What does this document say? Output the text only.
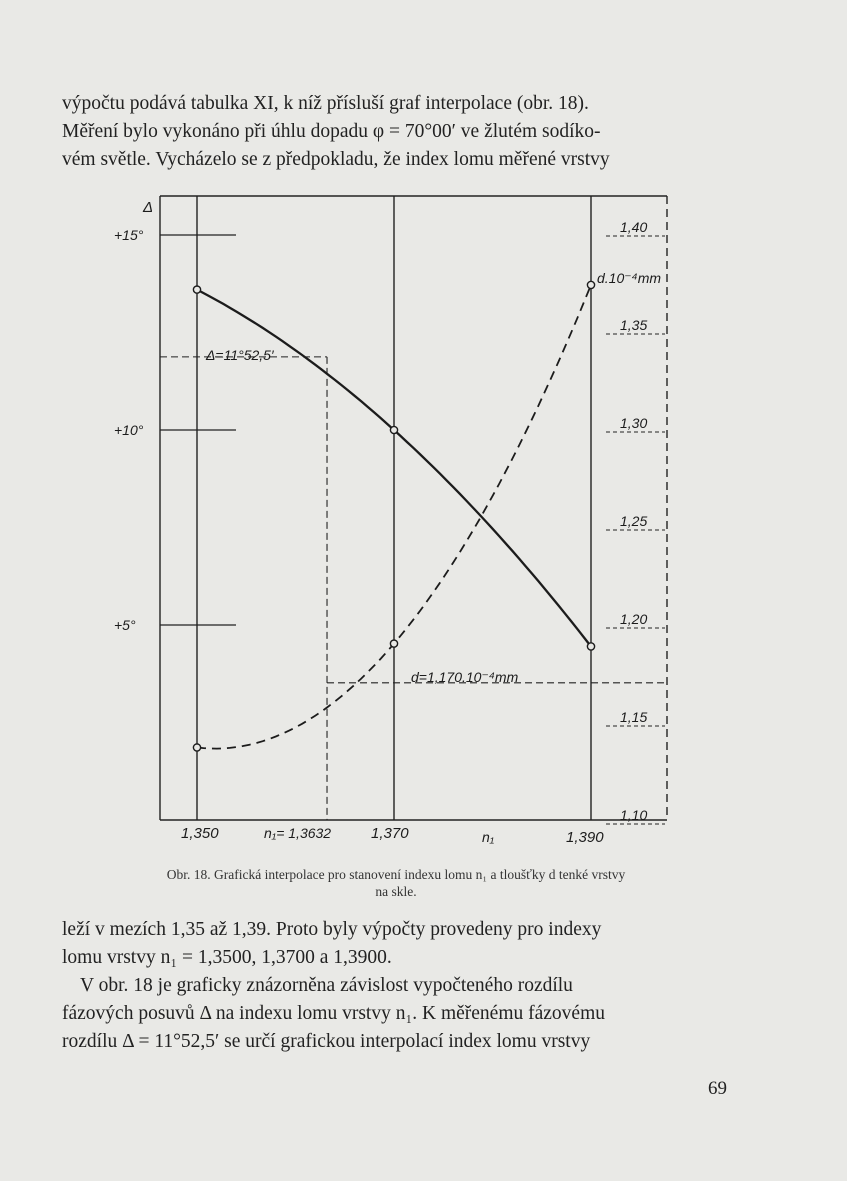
výpočtu podává tabulka XI, k níž přísluší graf interpolace (obr. 18).
Měření bylo vykonáno při úhlu dopadu φ = 70°00′ ve žlutém sodíko-
vém světle. Vycházelo se z předpokladu, že index lomu měřené vrstvy
+15°
+10°
+5°
1,40
1,35
1,30
1,25
1,20
1,15
1,10
Δ
d.10⁻⁴mm
Δ=11°52,5′
d=1,170.10⁻⁴mm
1,350	n₁= 1,3632	1,370	n₁	1,390
Obr. 18. Grafická interpolace pro stanovení indexu lomu n₁ a tloušťky d tenké vrstvy
na skle.
leží v mezích 1,35 až 1,39. Proto byly výpočty provedeny pro indexy
lomu vrstvy n₁ = 1,3500, 1,3700 a 1,3900.
V obr. 18 je graficky znázorněna závislost vypočteného rozdílu
fázových posuvů Δ na indexu lomu vrstvy n₁. K měřenému fázovému
rozdílu Δ = 11°52,5′ se určí grafickou interpolací index lomu vrstvy
69
